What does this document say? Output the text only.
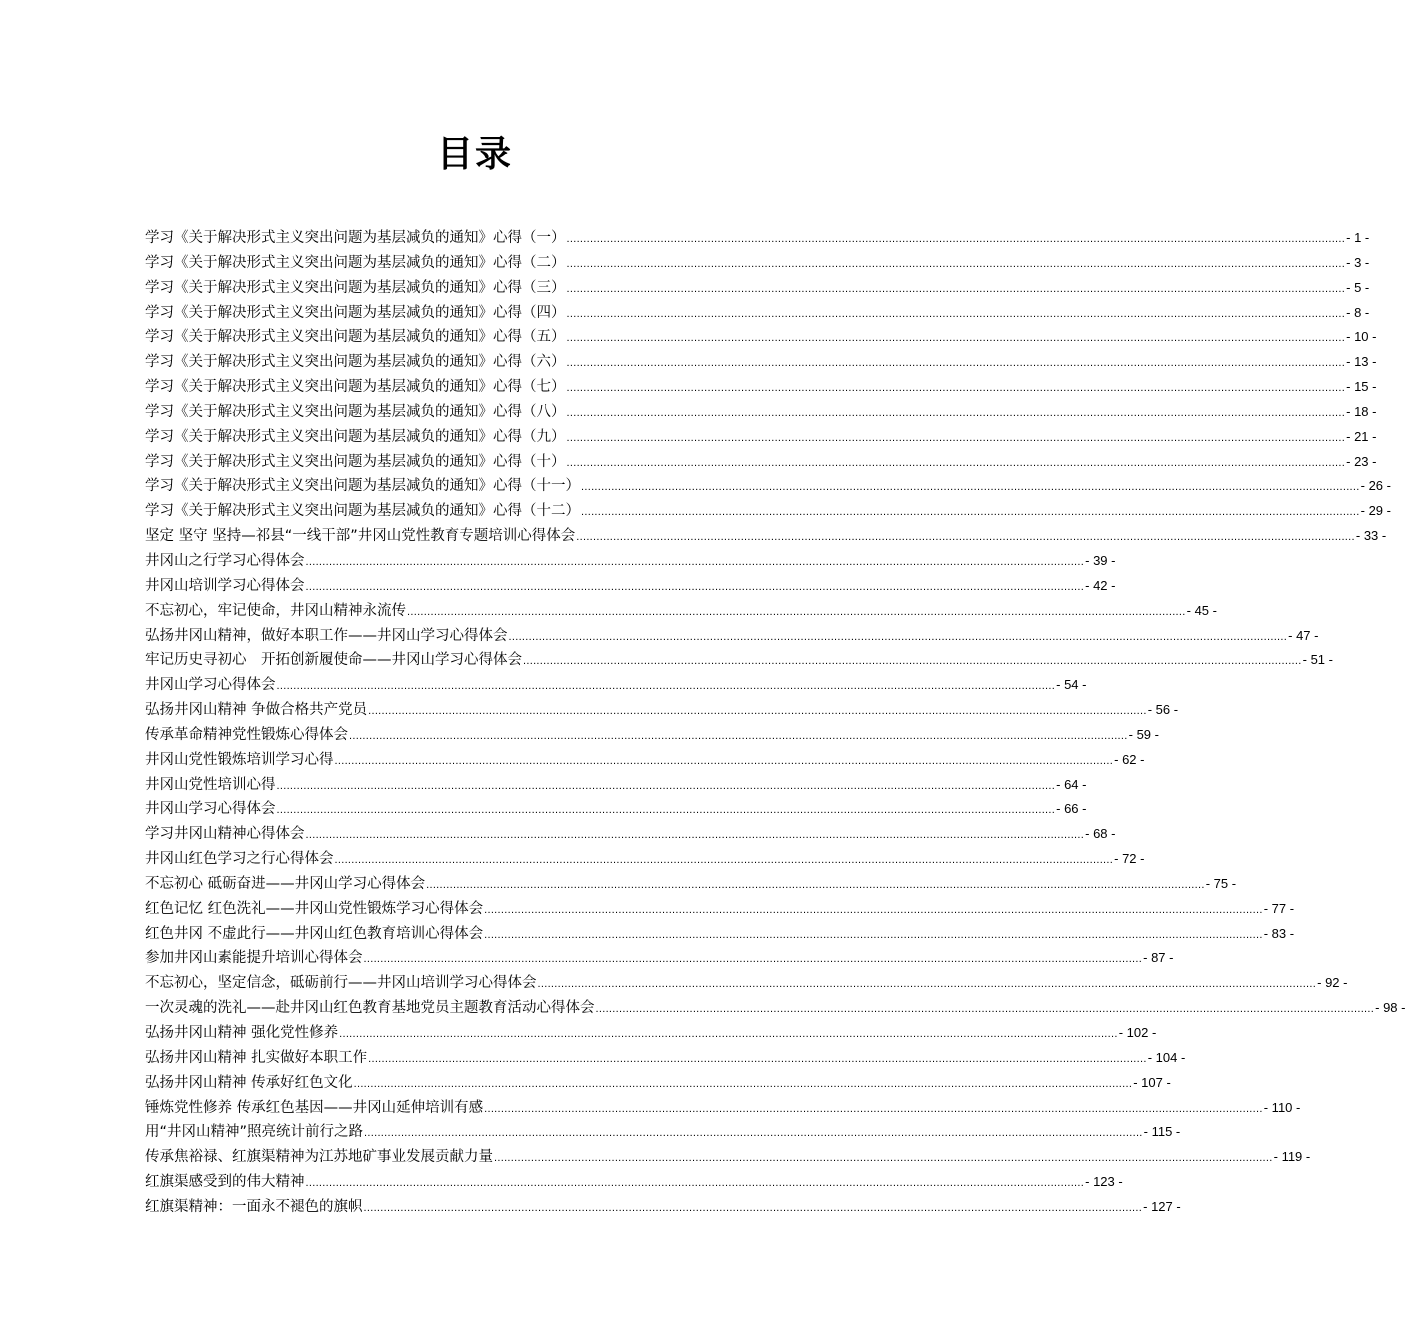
目录
学习《关于解决形式主义突出问题为基层减负的通知》心得（一） .....	- 1 -
学习《关于解决形式主义突出问题为基层减负的通知》心得（二） .....	- 3 -
学习《关于解决形式主义突出问题为基层减负的通知》心得（三） .....	- 5 -
学习《关于解决形式主义突出问题为基层减负的通知》心得（四） .....	- 8 -
学习《关于解决形式主义突出问题为基层减负的通知》心得（五） .....	- 10 -
学习《关于解决形式主义突出问题为基层减负的通知》心得（六） .....	- 13 -
学习《关于解决形式主义突出问题为基层减负的通知》心得（七） .....	- 15 -
学习《关于解决形式主义突出问题为基层减负的通知》心得（八） .....	- 18 -
学习《关于解决形式主义突出问题为基层减负的通知》心得（九） .....	- 21 -
学习《关于解决形式主义突出问题为基层减负的通知》心得（十） .....	- 23 -
学习《关于解决形式主义突出问题为基层减负的通知》心得（十一） .....	- 26 -
学习《关于解决形式主义突出问题为基层减负的通知》心得（十二） .....	- 29 -
坚定 坚守 坚持—祁县“一线干部”井冈山党性教育专题培训心得体会 .....	- 33 -
井冈山之行学习心得体会 .....	- 39 -
井冈山培训学习心得体会 .....	- 42 -
不忘初心，牢记使命，井冈山精神永流传 .....	- 45 -
弘扬井冈山精神，做好本职工作——井冈山学习心得体会 .....	- 47 -
牢记历史寻初心　开拓创新履使命——井冈山学习心得体会 .....	- 51 -
井冈山学习心得体会 .....	- 54 -
弘扬井冈山精神 争做合格共产党员 .....	- 56 -
传承革命精神党性锻炼心得体会 .....	- 59 -
井冈山党性锻炼培训学习心得 .....	- 62 -
井冈山党性培训心得 .....	- 64 -
井冈山学习心得体会 .....	- 66 -
学习井冈山精神心得体会 .....	- 68 -
井冈山红色学习之行心得体会 .....	- 72 -
不忘初心 砥砺奋进——井冈山学习心得体会 .....	- 75 -
红色记忆 红色洗礼——井冈山党性锻炼学习心得体会 .....	- 77 -
红色井冈 不虚此行——井冈山红色教育培训心得体会 .....	- 83 -
参加井冈山素能提升培训心得体会 .....	- 87 -
不忘初心，坚定信念，砥砺前行——井冈山培训学习心得体会 .....	- 92 -
一次灵魂的洗礼——赴井冈山红色教育基地党员主题教育活动心得体会 .....	- 98 -
弘扬井冈山精神 强化党性修养 .....	- 102 -
弘扬井冈山精神 扎实做好本职工作 .....	- 104 -
弘扬井冈山精神 传承好红色文化 .....	- 107 -
锤炼党性修养 传承红色基因——井冈山延伸培训有感 .....	- 110 -
用“井冈山精神”照亮统计前行之路 .....	- 115 -
传承焦裕禄、红旗渠精神为江苏地矿事业发展贡献力量 .....	- 119 -
红旗渠感受到的伟大精神 .....	- 123 -
红旗渠精神：一面永不褪色的旗帜 .....	- 127 -
